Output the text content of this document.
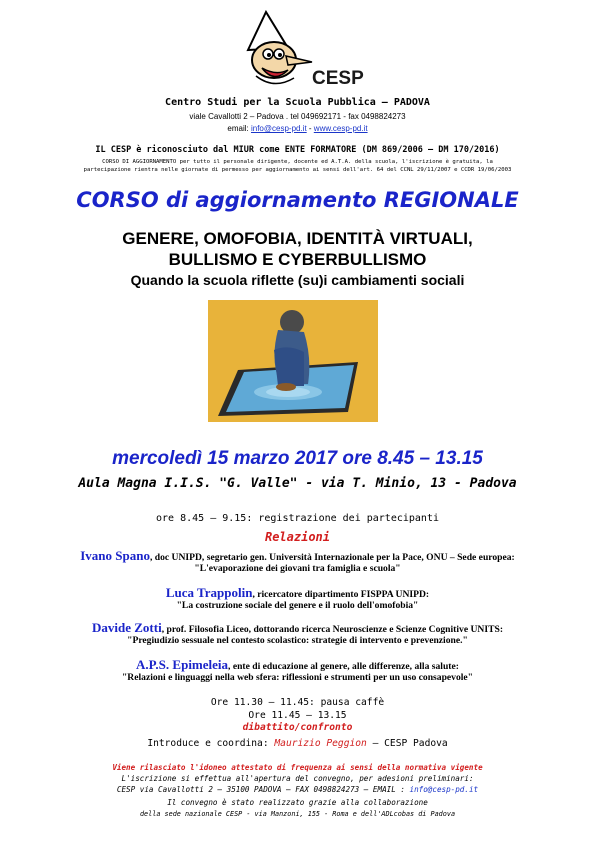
CESP
Centro Studi per la Scuola Pubblica – PADOVA
viale Cavallotti 2 – Padova . tel 049692171 - fax 0498824273
email: info@cesp-pd.it - www.cesp-pd.it
IL CESP è riconosciuto dal MIUR come ENTE FORMATORE (DM 869/2006 – DM 170/2016)
CORSO DI AGGIORNAMENTO per tutto il personale dirigente, docente ed A.T.A. della scuola, l'iscrizione è gratuita, la
partecipazione rientra nelle giornate di permesso per aggiornamento ai sensi dell'art. 64 del CCNL 29/11/2007 e CCDR 19/06/2003
CORSO di aggiornamento REGIONALE
GENERE, OMOFOBIA, IDENTITÀ VIRTUALI,
BULLISMO E CYBERBULLISMO
Quando la scuola riflette (su)i cambiamenti sociali
mercoledì 15 marzo 2017 ore 8.45 – 13.15
Aula Magna I.I.S. "G. Valle" - via T. Minio, 13 - Padova
ore 8.45 – 9.15: registrazione dei partecipanti
Relazioni
Ivano Spano, doc UNIPD, segretario gen. Università Internazionale per la Pace, ONU – Sede europea:
"L'evaporazione dei giovani tra famiglia e scuola"
Luca Trappolin, ricercatore dipartimento FISPPA UNIPD:
"La costruzione sociale del genere e il ruolo dell'omofobia"
Davide Zotti, prof. Filosofia Liceo, dottorando ricerca Neuroscienze e Scienze Cognitive UNITS:
"Pregiudizio sessuale nel contesto scolastico: strategie di intervento e prevenzione."
A.P.S. Epimeleia, ente di educazione al genere, alle differenze, alla salute:
"Relazioni e linguaggi nella web sfera: riflessioni e strumenti per un uso consapevole"
Ore 11.30 – 11.45: pausa caffè
Ore 11.45 – 13.15
dibattito/confronto
Introduce e coordina: Maurizio Peggion – CESP Padova
Viene rilasciato l'idoneo attestato di frequenza ai sensi della normativa vigente
L'iscrizione si effettua all'apertura del convegno, per adesioni preliminari:
CESP via Cavallotti 2 – 35100 PADOVA – FAX 0498824273 – EMAIL : info@cesp-pd.it
Il convegno è stato realizzato grazie alla collaborazione
della sede nazionale CESP - via Manzoni, 155 - Roma e dell'ADLcobas di Padova
